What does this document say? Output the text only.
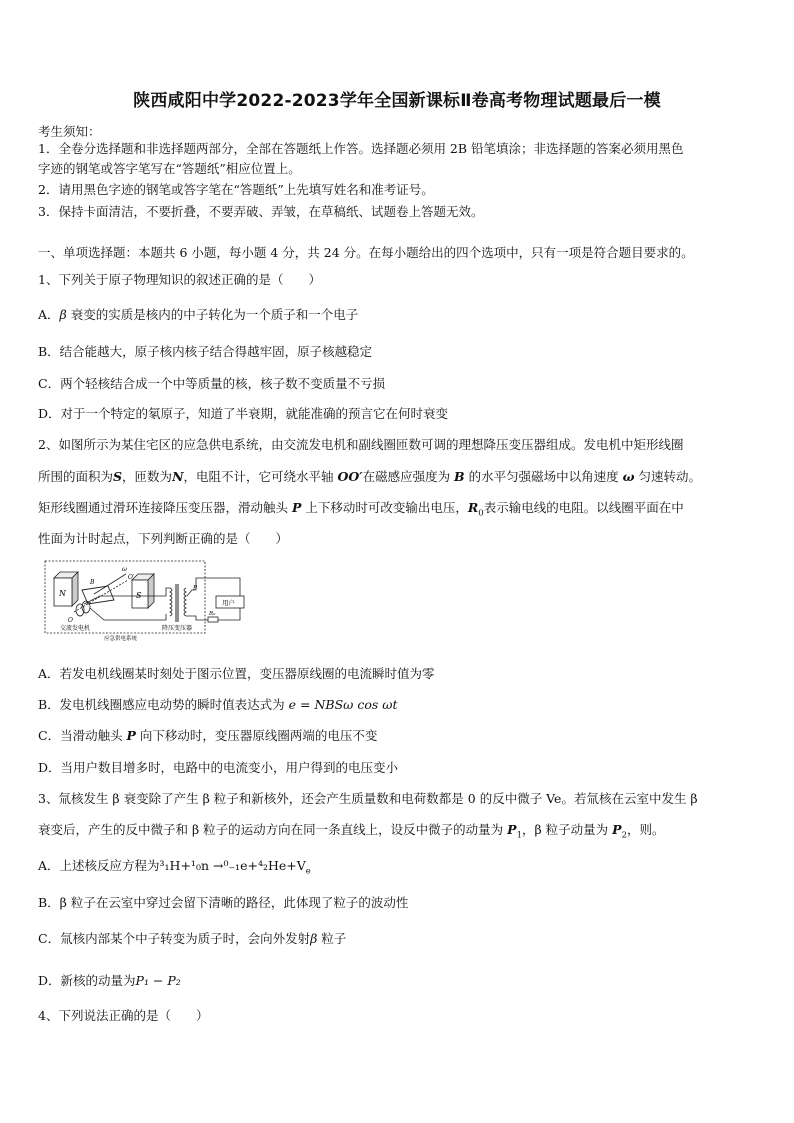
陕西咸阳中学2022-2023学年全国新课标Ⅱ卷高考物理试题最后一模
考生须知：
1．全卷分选择题和非选择题两部分，全部在答题纸上作答。选择题必须用 2B 铅笔填涂；非选择题的答案必须用黑色
字迹的钢笔或答字笔写在“答题纸”相应位置上。
2．请用黑色字迹的钢笔或答字笔在“答题纸”上先填写姓名和准考证号。
3．保持卡面清洁，不要折叠，不要弄破、弄皱，在草稿纸、试题卷上答题无效。
一、单项选择题：本题共 6 小题，每小题 4 分，共 24 分。在每小题给出的四个选项中，只有一项是符合题目要求的。
1、下列关于原子物理知识的叙述正确的是（　　）
A．β 衰变的实质是核内的中子转化为一个质子和一个电子
B．结合能越大，原子核内核子结合得越牢固，原子核越稳定
C．两个轻核结合成一个中等质量的核，核子数不变质量不亏损
D．对于一个特定的氡原子，知道了半衰期，就能准确的预言它在何时衰变
2、如图所示为某住宅区的应急供电系统，由交流发电机和副线圈匝数可调的理想降压变压器组成。发电机中矩形线圈
所围的面积为S，匝数为N，电阻不计，它可绕水平轴 OO′在磁感应强度为 B 的水平匀强磁场中以角速度 ω 匀速转动。
矩形线圈通过滑环连接降压变压器，滑动触头 P 上下移动时可改变输出电压，$R_0$表示输电线的电阻。以线圈平面在中
性面为计时起点，下列判断正确的是（　　）
N	S
ω
O′
O
B
P
用户
R₀
交流发电机	降压变压器
应急供电系统
A．若发电机线圈某时刻处于图示位置，变压器原线圈的电流瞬时值为零
B．发电机线圈感应电动势的瞬时值表达式为 e = NBSω cos ωt
C．当滑动触头 P 向下移动时，变压器原线圈两端的电压不变
D．当用户数目增多时，电路中的电流变小，用户得到的电压变小
3、氚核发生 β 衰变除了产生 β 粒子和新核外，还会产生质量数和电荷数都是 0 的反中微子 Ve。若氚核在云室中发生 β
衰变后，产生的反中微子和 β 粒子的运动方向在同一条直线上，设反中微子的动量为 $P_1$，β 粒子动量为 $P_2$，则。
A．上述核反应方程为$^3_1H+^1_0n \to^0_{-1}e+^4_2He+V_e$
B．β 粒子在云室中穿过会留下清晰的路径，此体现了粒子的波动性
C．氚核内部某个中子转变为质子时，会向外发射β 粒子
D．新核的动量为P₁ − P₂
4、下列说法正确的是（　　）
